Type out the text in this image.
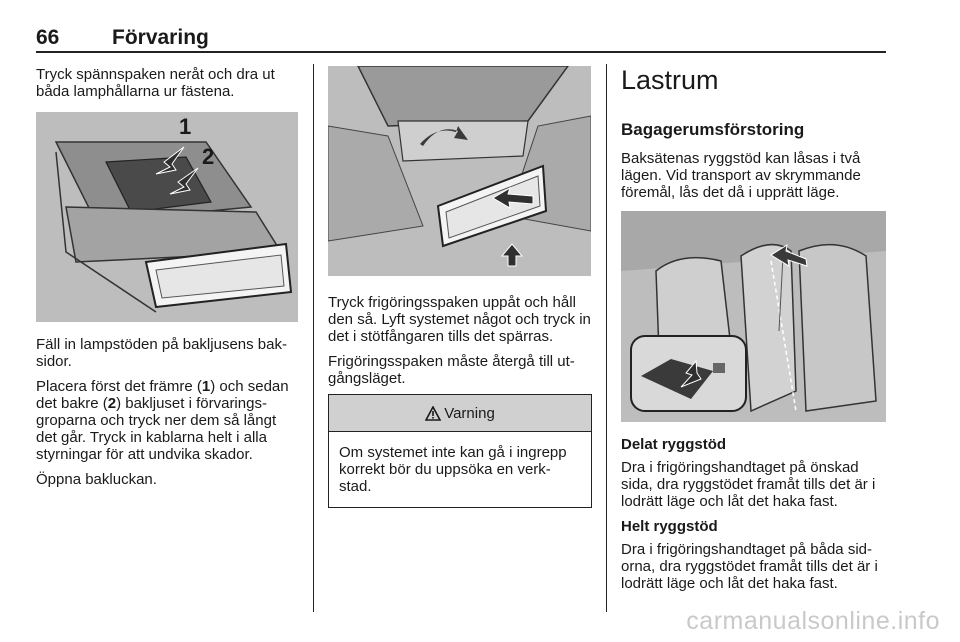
66	Förvaring
Tryck spännspaken neråt och dra ut båda lamphållarna ur fästena.
1
2

Fäll in lampstöden på bakljusens bak-sidor.

Placera först det främre (1) och sedan det bakre (2) bakljuset i förvarings-groparna och tryck ner dem så långt det går. Tryck in kablarna helt i alla styrningar för att undvika skador.

Öppna bakluckan.

Tryck frigöringsspaken uppåt och håll den så. Lyft systemet något och tryck in det i stötfångaren tills det spärras.

Frigöringsspaken måste återgå till ut-gångsläget.

Varning
Om systemet inte kan gå i ingrepp korrekt bör du uppsöka en verk-stad.
Lastrum
Bagagerumsförstoring
Baksätenas ryggstöd kan låsas i två lägen. Vid transport av skrymmande föremål, lås det då i upprätt läge.
Delat ryggstöd
Dra i frigöringshandtaget på önskad sida, dra ryggstödet framåt tills det är i lodrätt läge och låt det haka fast.
Helt ryggstöd
Dra i frigöringshandtaget på båda sid-orna, dra ryggstödet framåt tills det är i lodrätt läge och låt det haka fast.
carmanualsonline.info
